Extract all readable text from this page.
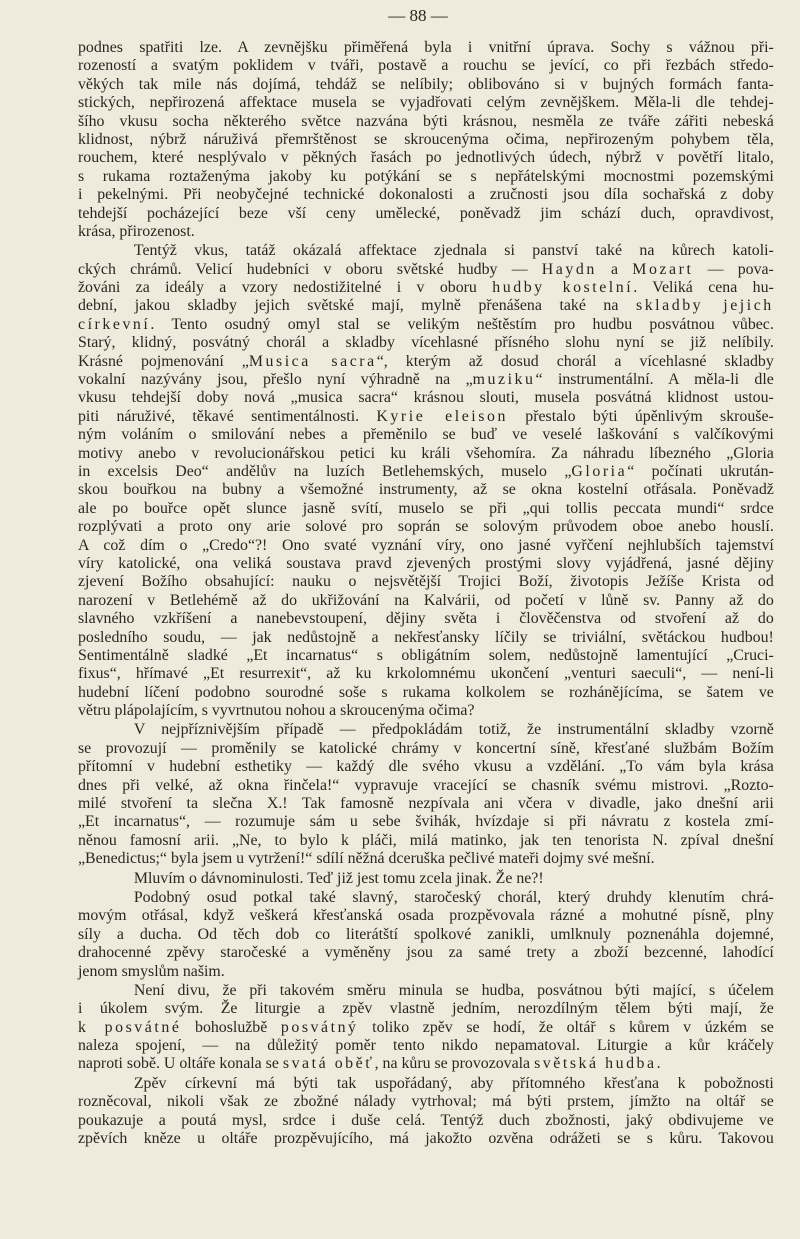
— 88 —
podnes spatřiti lze. A zevnějšku přiměřená byla i vnitřní úprava. Sochy s vážnou při-
rozeností a svatým poklidem v tváři, postavě a rouchu se jevící, co při řezbách středo-
věkých tak mile nás dojímá, tehdáž se nelíbily; oblibováno si v bujných formách fanta-
stických, nepřirozená affektace musela se vyjadřovati celým zevnějškem. Měla-li dle tehdej-
šího vkusu socha některého světce nazvána býti krásnou, nesměla ze tváře zářiti nebeská
klidnost, nýbrž náruživá přemrštěnost se skroucenýma očima, nepřirozeným pohybem těla,
rouchem, které nesplývalo v pěkných řasách po jednotlivých údech, nýbrž v povětří litalo,
s rukama roztaženýma jakoby ku potýkání se s nepřátelskými mocnostmi pozemskými
i pekelnými. Při neobyčejné technické dokonalosti a zručnosti jsou díla sochařská z doby
tehdejší pocházející beze vší ceny umělecké, poněvadž jim schází duch, opravdivost,
krása, přirozenost.
Tentýž vkus, tatáž okázalá affektace zjednala si panství také na kůrech katoli-
ckých chrámů. Velicí hudebníci v oboru světské hudby — Haydn a Mozart — pova-
žováni za ideály a vzory nedostižitelné i v oboru hudby kostelní. Veliká cena hu-
dební, jakou skladby jejich světské mají, mylně přenášena také na skladby jejich
církevní. Tento osudný omyl stal se velikým neštěstím pro hudbu posvátnou vůbec.
Starý, klidný, posvátný chorál a skladby vícehlasné přísného slohu nyní se již nelíbily.
Krásné pojmenování „Musica sacra“, kterým až dosud chorál a vícehlasné skladby
vokalní nazývány jsou, přešlo nyní výhradně na „muziku“ instrumentální. A měla-li dle
vkusu tehdejší doby nová „musica sacra“ krásnou slouti, musela posvátná klidnost ustou-
piti náruživé, těkavé sentimentálnosti. Kyrie eleison přestalo býti úpěnlivým skrouše-
ným voláním o smilování nebes a přeměnilo se buď ve veselé laškování s valčíkovými
motivy anebo v revolucionářskou petici ku králi všehomíra. Za náhradu líbezného „Gloria
in excelsis Deo“ andělův na luzích Betlehemských, muselo „Gloria“ počínati ukrután-
skou bouřkou na bubny a všemožné instrumenty, až se okna kostelní otřásala. Poněvadž
ale po bouřce opět slunce jasně svítí, muselo se při „qui tollis peccata mundi“ srdce
rozplývati a proto ony arie solové pro soprán se solovým průvodem oboe anebo houslí.
A což dím o „Credo“?! Ono svaté vyznání víry, ono jasné vyřčení nejhlubších tajemství
víry katolické, ona veliká soustava pravd zjevených prostými slovy vyjádřená, jasné dějiny
zjevení Božího obsahující: nauku o nejsvětější Trojici Boží, životopis Ježíše Krista od
narození v Betlehémě až do ukřižování na Kalvárii, od početí v lůně sv. Panny až do
slavného vzkříšení a nanebevstoupení, dějiny světa i člověčenstva od stvoření až do
posledního soudu, — jak nedůstojně a nekřesťansky líčily se triviální, světáckou hudbou!
Sentimentálně sladké „Et incarnatus“ s obligátním solem, nedůstojně lamentující „Cruci-
fixus“, hřímavé „Et resurrexit“, až ku krkolomnému ukončení „venturi saeculi“, — není-li
hudební líčení podobno sourodné soše s rukama kolkolem se rozhánějícíma, se šatem ve
větru plápolajícím, s vyvrtnutou nohou a skroucenýma očima?
V nejpříznivějším případě — předpokládám totiž, že instrumentální skladby vzorně
se provozují — proměnily se katolické chrámy v koncertní síně, křesťané službám Božím
přítomní v hudební esthetiky — každý dle svého vkusu a vzdělání. „To vám byla krása
dnes při velké, až okna řinčela!“ vypravuje vracející se chasník svému mistrovi. „Rozto-
milé stvoření ta slečna X.! Tak famosně nezpívala ani včera v divadle, jako dnešní arii
„Et incarnatus“, — rozumuje sám u sebe švihák, hvízdaje si při návratu z kostela zmí-
něnou famosní arii. „Ne, to bylo k pláči, milá matinko, jak ten tenorista N. zpíval dnešní
„Benedictus;“ byla jsem u vytržení!“ sdílí něžná dceruška pečlivé mateři dojmy své mešní.
Mluvím o dávnominulosti. Teď již jest tomu zcela jinak. Že ne?!
Podobný osud potkal také slavný, staročeský chorál, který druhdy klenutím chrá-
movým otřásal, když veškerá křesťanská osada prozpěvovala rázné a mohutné písně, plny
síly a ducha. Od těch dob co literátští spolkové zanikli, umlknuly poznenáhla dojemné,
drahocenné zpěvy staročeské a vyměněny jsou za samé trety a zboží bezcenné, lahodící
jenom smyslům našim.
Není divu, že při takovém směru minula se hudba, posvátnou býti mající, s účelem
i úkolem svým. Že liturgie a zpěv vlastně jedním, nerozdílným tělem býti mají, že
k posvátné bohoslužbě posvátný toliko zpěv se hodí, že oltář s kůrem v úzkém se
naleza spojení, — na důležitý poměr tento nikdo nepamatoval. Liturgie a kůr kráčely
naproti sobě. U oltáře konala se svatá oběť, na kůru se provozovala světská hudba.
Zpěv církevní má býti tak uspořádaný, aby přítomného křesťana k pobožnosti
rozněcoval, nikoli však ze zbožné nálady vytrhoval; má býti prstem, jímžto na oltář se
poukazuje a poutá mysl, srdce i duše celá. Tentýž duch zbožnosti, jaký obdivujeme ve
zpěvích kněze u oltáře prozpěvujícího, má jakožto ozvěna odrážeti se s kůru. Takovou
